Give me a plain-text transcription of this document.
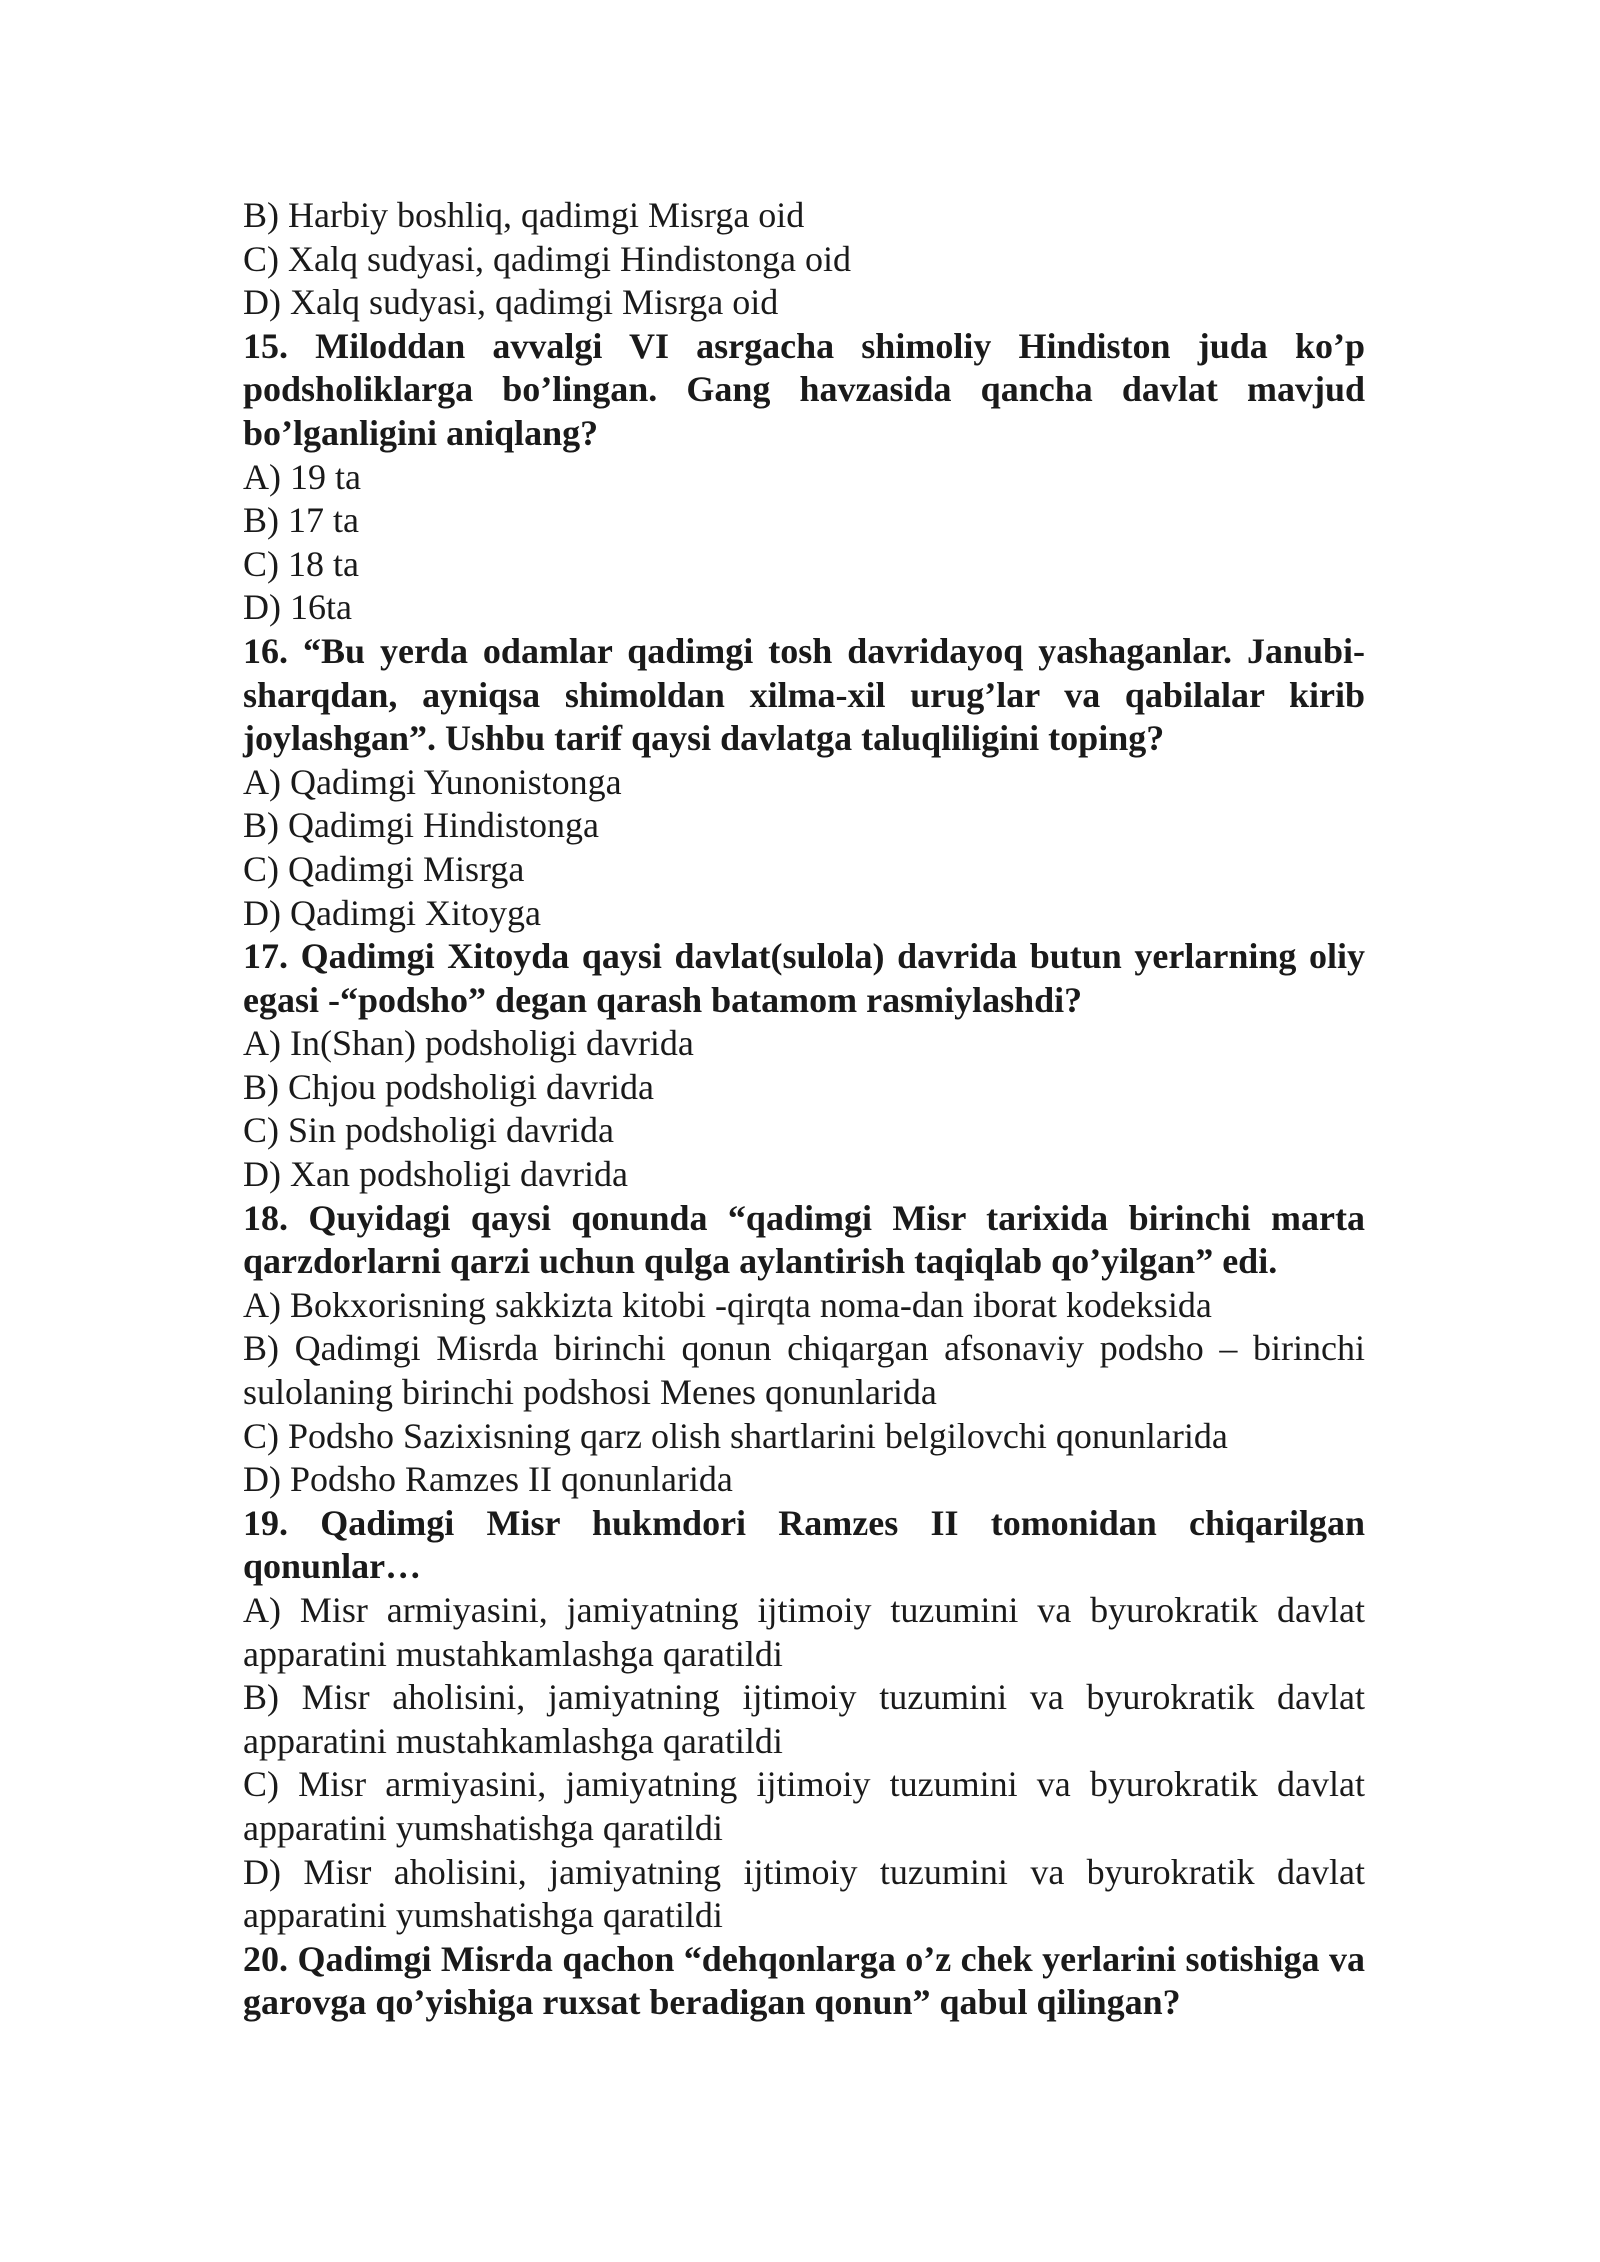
B) Harbiy boshliq, qadimgi Misrga oid

C) Xalq sudyasi, qadimgi Hindistonga oid

D) Xalq sudyasi, qadimgi Misrga oid

15. Miloddan avvalgi VI asrgacha shimoliy Hindiston juda ko’p podsholiklarga bo’lingan. Gang havzasida qancha davlat mavjud bo’lganligini aniqlang?

A) 19 ta

B) 17 ta

C) 18 ta

D) 16ta

16. “Bu yerda odamlar qadimgi tosh davridayoq yashaganlar. Janubi-sharqdan, ayniqsa shimoldan xilma-xil urug’lar va qabilalar kirib joylashgan”. Ushbu tarif qaysi davlatga taluqliligini toping?

A) Qadimgi Yunonistonga

B) Qadimgi Hindistonga

C) Qadimgi Misrga

D) Qadimgi Xitoyga

17. Qadimgi Xitoyda qaysi davlat(sulola) davrida butun yerlarning oliy egasi -“podsho” degan qarash batamom rasmiylashdi?

A) In(Shan) podsholigi davrida

B) Chjou podsholigi davrida

C) Sin podsholigi davrida

D) Xan podsholigi davrida

18. Quyidagi qaysi qonunda “qadimgi Misr tarixida birinchi marta qarzdorlarni qarzi uchun qulga aylantirish taqiqlab qo’yilgan” edi.

A) Bokxorisning sakkizta kitobi -qirqta noma-dan iborat kodeksida

B) Qadimgi Misrda birinchi qonun chiqargan afsonaviy podsho – birinchi sulolaning birinchi podshosi Menes qonunlarida

C) Podsho Sazixisning qarz olish shartlarini belgilovchi qonunlarida

D) Podsho Ramzes II qonunlarida

19. Qadimgi Misr hukmdori Ramzes II tomonidan chiqarilgan qonunlar…

A) Misr armiyasini, jamiyatning ijtimoiy tuzumini va byurokratik davlat apparatini mustahkamlashga qaratildi

B) Misr aholisini, jamiyatning ijtimoiy tuzumini va byurokratik davlat apparatini mustahkamlashga qaratildi

C) Misr armiyasini, jamiyatning ijtimoiy tuzumini va byurokratik davlat apparatini yumshatishga qaratildi

D) Misr aholisini, jamiyatning ijtimoiy tuzumini va byurokratik davlat apparatini yumshatishga qaratildi

20. Qadimgi Misrda qachon “dehqonlarga o’z chek yerlarini sotishiga va garovga qo’yishiga ruxsat beradigan qonun” qabul qilingan?
